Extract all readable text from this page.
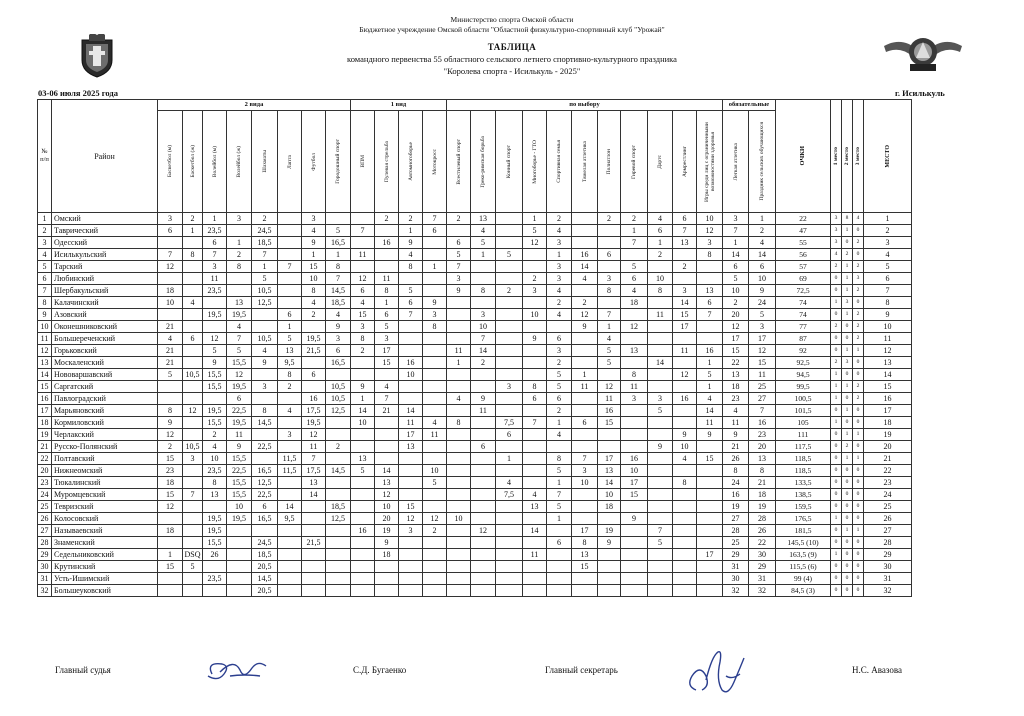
Министерство спорта Омской области
Бюджетное учреждение Омской области "Областной физкультурно-спортивный клуб "Урожай"
ТАБЛИЦА
командного первенства 55 областного сельского летнего спортивно-культурного праздника
"Королева спорта - Исилькуль - 2025"
03-06 июля 2025 года	г. Исилькуль
№ п/п	Район	2 вида								1 вид				по выбору											обязательные		ОЧКИ	1 место	2 место	3 место	МЕСТО

		Баскетбол (м)	Баскетбол (ж)	Волейбол (м)	Волейбол (ж)	Шахматы	Лапта	Футбол	Городошный спорт	ВПМ	Пулевая стрельба	Автомногоборье	Мотокросс	Всестилевый спорт	Греко-римская борьба	Конный спорт	Многоборье - ГТО	Спортивная семья	Тяжелая атлетика	Полиатлон	Гиревой спорт	Дартс	Армрестлинг	Игры среди лиц с ограниченными возможностями здоровья	Легкая атлетика	Праздник сельских обучающихся					

1	Омский	3	2	1	3	2		3			2	2	7	2	13		1	2		2	2	4	6	10	3	1	22	3	8	4	1
2	Таврический	6	1	23,5		24,5		4	5	7		1	6		4		5	4			1	6	7	12	7	2	47	3	1	0	2
3	Одесский			6	1	18,5		9	16,5		16	9		6	5		12	3			7	1	13	3	1	4	55	3	0	2	3
4	Исилькульский	7	8	7	2	7		1	1	11		4		5	1	5		1	16	6		2		8	14	14	56	4	2	0	4
5	Тарский	12		3	8	1	7	15	8			8	1	7				3	14		5		2		6	6	57	2	1	2	5
6	Любинский			11		5		10	7	12	11			3			2	3	4	3	6	10			5	10	69	0	1	3	6
7	Шербакульский	18		23,5		10,5		8	14,5	6	8	5		9	8	2	3	4		8	4	8	3	13	10	9	72,5	0	1	2	7
8	Калачинский	10	4		13	12,5		4	18,5	4	1	6	9					2	2		18		14	6	2	24	74	1	3	0	8
9	Азовский			19,5	19,5		6	2	4	15	6	7	3		3		10	4	12	7		11	15	7	20	5	74	0	1	2	9
10	Оконешниковский	21			4		1		9	3	5		8		10				9	1	12		17		12	3	77	2	0	2	10
11	Большереченский	4	6	12	7	10,5	5	19,5	3	8	3				7		9	6		4					17	17	87	0	0	2	11
12	Горьковский	21		5	5	4	13	21,5	6	2	17			11	14			3		5	13		11	16	15	12	92	0	1	1	12
13	Москаленский	21		9	15,5	9	9,5		16,5		15	16		1	2			2		5		14		1	22	15	92,5	2	3	0	13
14	Нововаршавский	5	10,5	15,5	12		8	6				10						5	1		8		12	5	13	11	94,5	1	0	0	14
15	Саргатский			15,5	19,5	3	2		10,5	9	4					3	8	5	11	12	11			1	18	25	99,5	1	1	2	15
16	Павлоградский				6			16	10,5	1	7			4	9		6	6		11	3	3	16	4	23	27	100,5	1	0	2	16
17	Марьяновский	8	12	19,5	22,5	8	4	17,5	12,5	14	21	14			11			2		16		5		14	4	7	101,5	0	1	0	17
18	Кормиловский	9		15,5	19,5	14,5		19,5		10		11	4	8		7,5	7	1	6	15				11	11	16	105	1	0	0	18
19	Черлакский	12		2	11		3	12				17	11			6		4					9	9	9	23	111	0	1	1	19
21	Русско-Полянский	2	10,5	4	9	22,5		11	2			13			6							9	10		21	20	117,5	0	2	0	20
22	Полтавский	15	3	10	15,5		11,5	7		13						1		8	7	17	16		4	15	26	13	118,5	0	1	1	21
20	Нижнеомский	23		23,5	22,5	16,5	11,5	17,5	14,5	5	14		10					5	3	13	10				8	8	118,5	0	0	0	22
23	Тюкалинский	18		8	15,5	12,5		13			13		5			4		1	10	14	17		8		24	21	133,5	0	0	0	23
24	Муромцевский	15	7	13	15,5	22,5		14			12					7,5	4	7		10	15				16	18	138,5	0	0	0	24
25	Тевризский	12			10	6	14		18,5		10	15					13	5		18					19	19	159,5	0	0	0	25
26	Колосовский			19,5	19,5	16,5	9,5		12,5		20	12	12	10				1			9				27	28	176,5	1	0	0	26
27	Называевский	18		19,5						16	19	3	2		12		14		17	19		7			28	26	181,5	0	1	1	27
28	Знаменский			15,5		24,5		21,5			9							6	8	9		5			25	22	145,5 (10)	0	0	0	28
29	Седельниковский	1	DSQ	26		18,5					18						11		13					17	29	30	163,5 (9)	1	0	0	29
30	Крутинский	15	5			20,5													15						31	29	115,5 (6)	0	0	0	30
31	Усть-Ишимский			23,5		14,5																			30	31	99 (4)	0	0	0	31
32	Большеуковский					20,5																			32	32	84,5 (3)	0	0	0	32
Главный судья	С.Д. Бугаенко	Главный секретарь	Н.С. Авазова
